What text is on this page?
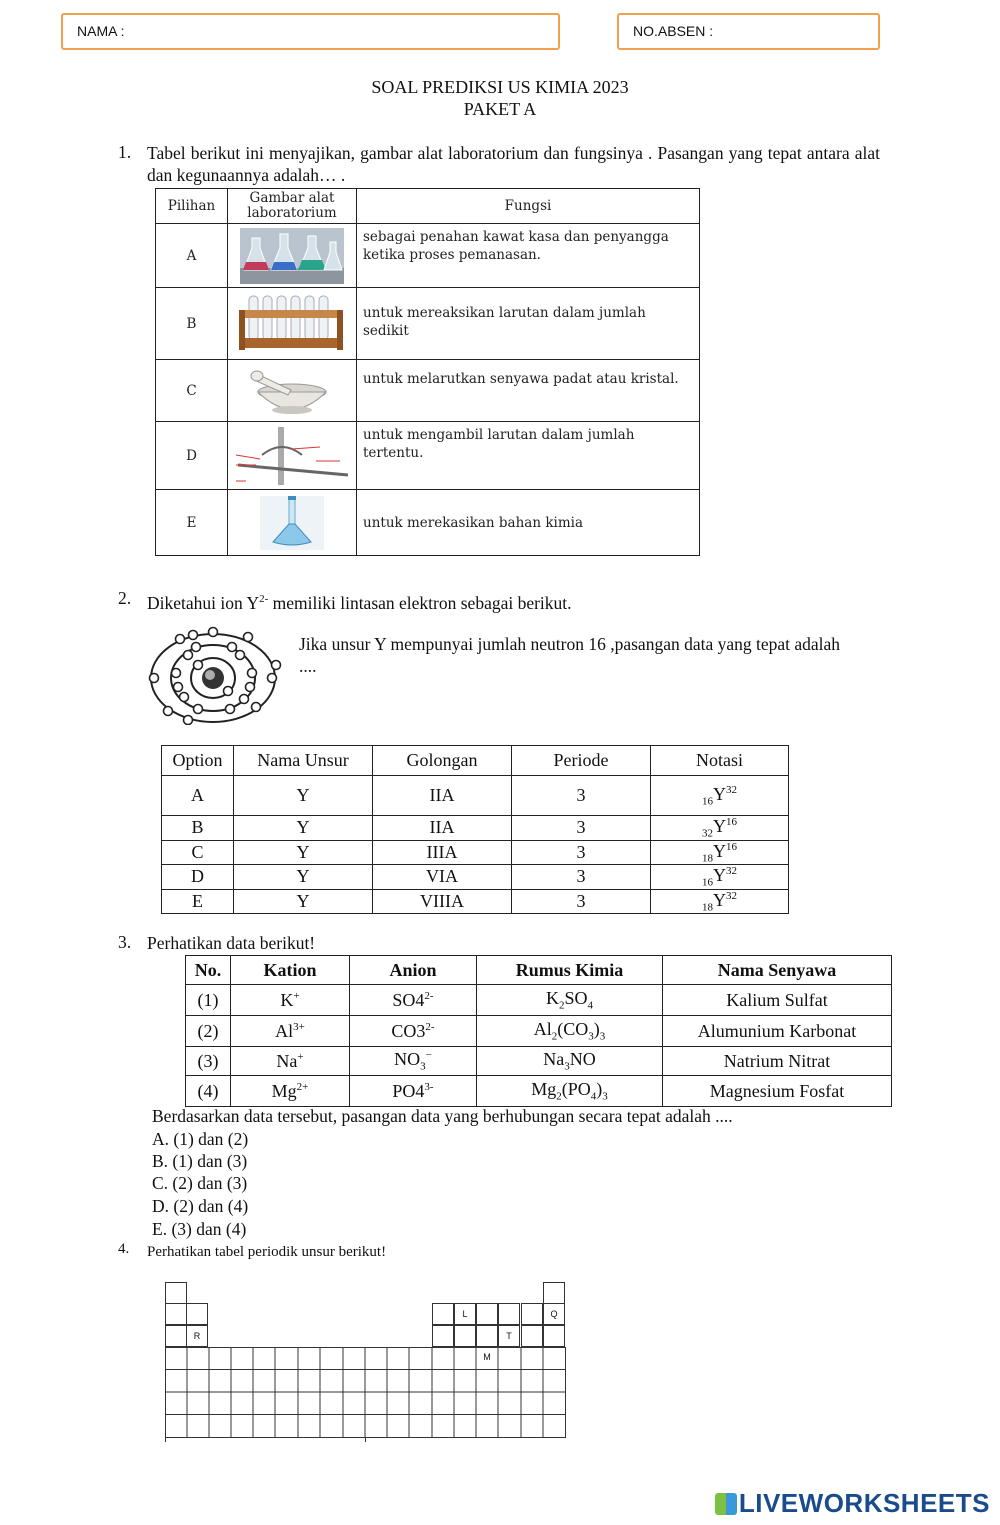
NAMA :	NO.ABSEN :
SOAL PREDIKSI US KIMIA 2023
PAKET A
1. Tabel berikut ini menyajikan, gambar alat laboratorium dan fungsinya . Pasangan yang tepat antara alat dan kegunaannya adalah… .
Pilihan	Gambar alat laboratorium	Fungsi
A		sebagai penahan kawat kasa dan penyangga ketika proses pemanasan.
B		untuk mereaksikan larutan dalam jumlah sedikit
C		untuk melarutkan senyawa padat atau kristal.
D		untuk mengambil larutan dalam jumlah tertentu.
E		untuk merekasikan bahan kimia
2. Diketahui ion $Y^{2-}$ memiliki lintasan elektron sebagai berikut.
Jika unsur Y mempunyai jumlah neutron 16 ,pasangan data yang tepat adalah ....
Option	Nama Unsur	Golongan	Periode	Notasi
A	Y	IIA	3	$_{16}Y^{32}$
B	Y	IIA	3	$_{32}Y^{16}$
C	Y	IIIA	3	$_{18}Y^{16}$
D	Y	VIA	3	$_{16}Y^{32}$
E	Y	VIIIA	3	$_{18}Y^{32}$
3. Perhatikan data berikut!
No.	Kation	Anion	Rumus Kimia	Nama Senyawa
(1)	K+	$SO4^{2-}$	$K_2SO_4$	Kalium Sulfat
(2)	$Al^{3+}$	$CO3^{2-}$	$Al_2(CO_3)_3$	Alumunium Karbonat
(3)	Na+	$NO_3^-$	$Na_3NO$	Natrium Nitrat
(4)	$Mg^{2+}$	$PO4^{3-}$	$Mg_2(PO_4)_3$	Magnesium Fosfat
Berdasarkan data tersebut, pasangan data yang berhubungan secara tepat adalah ....
A. (1) dan (2)
B. (1) dan (3)
C. (2) dan (3)
D. (2) dan (4)
E. (3) dan (4)
4. Perhatikan tabel periodik unsur berikut!
L	Q
R	T
M
LIVEWORKSHEETS
